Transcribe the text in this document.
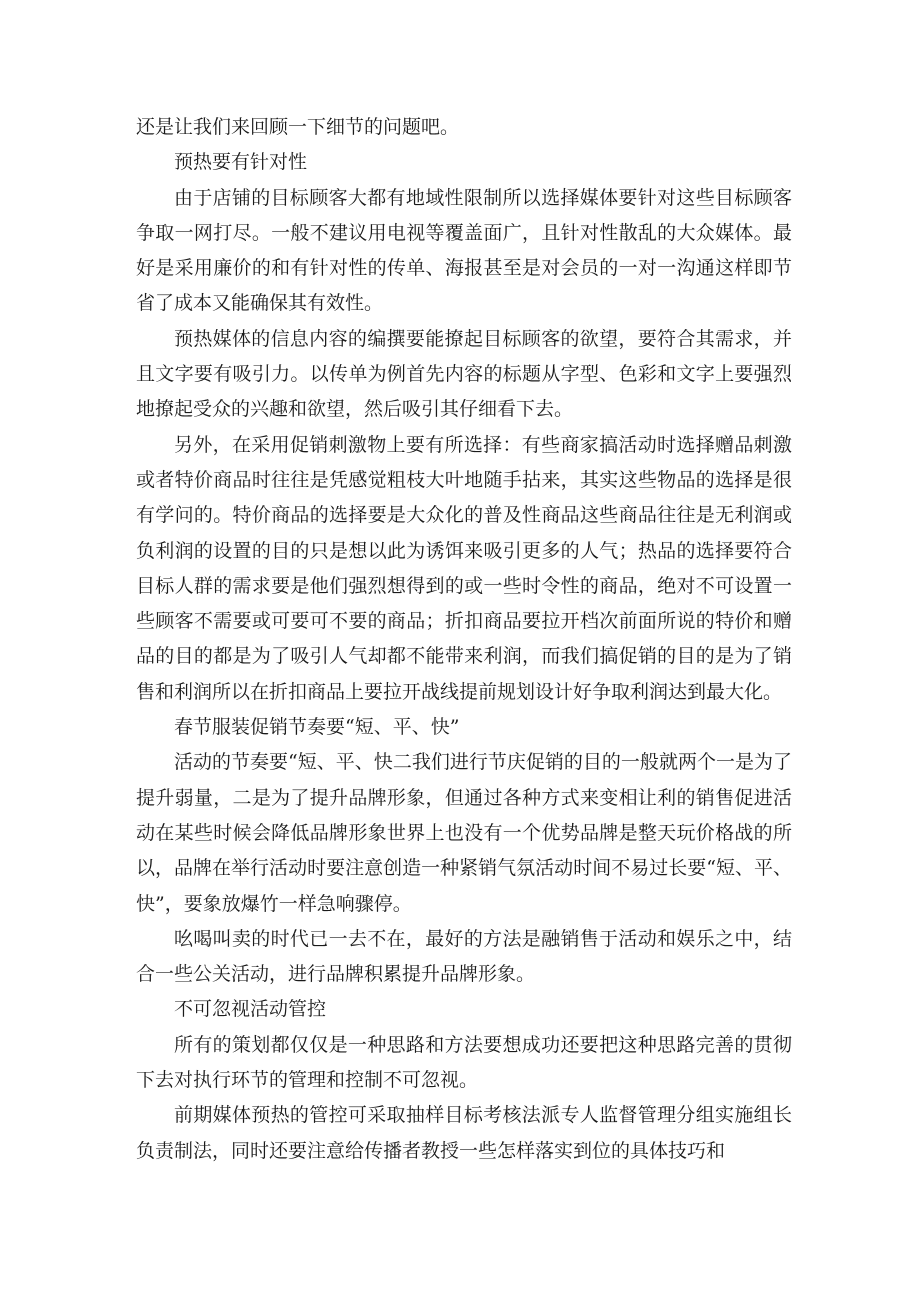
还是让我们来回顾一下细节的问题吧。

预热要有针对性

由于店铺的目标顾客大都有地域性限制所以选择媒体要针对这些目标顾客争取一网打尽。一般不建议用电视等覆盖面广，且针对性散乱的大众媒体。最好是采用廉价的和有针对性的传单、海报甚至是对会员的一对一沟通这样即节省了成本又能确保其有效性。

预热媒体的信息内容的编撰要能撩起目标顾客的欲望，要符合其需求，并且文字要有吸引力。以传单为例首先内容的标题从字型、色彩和文字上要强烈地撩起受众的兴趣和欲望，然后吸引其仔细看下去。

另外，在采用促销刺激物上要有所选择：有些商家搞活动时选择赠品刺激或者特价商品时往往是凭感觉粗枝大叶地随手拈来，其实这些物品的选择是很有学问的。特价商品的选择要是大众化的普及性商品这些商品往往是无利润或负利润的设置的目的只是想以此为诱饵来吸引更多的人气；热品的选择要符合目标人群的需求要是他们强烈想得到的或一些时令性的商品，绝对不可设置一些顾客不需要或可要可不要的商品；折扣商品要拉开档次前面所说的特价和赠品的目的都是为了吸引人气却都不能带来利润，而我们搞促销的目的是为了销售和利润所以在折扣商品上要拉开战线提前规划设计好争取利润达到最大化。

春节服装促销节奏要“短、平、快”

活动的节奏要“短、平、快二我们进行节庆促销的目的一般就两个一是为了提升弱量，二是为了提升品牌形象，但通过各种方式来变相让利的销售促进活动在某些时候会降低品牌形象世界上也没有一个优势品牌是整天玩价格战的所以，品牌在举行活动时要注意创造一种紧销气氛活动时间不易过长要“短、平、快”，要象放爆竹一样急响骤停。

吆喝叫卖的时代已一去不在，最好的方法是融销售于活动和娱乐之中，结合一些公关活动，进行品牌积累提升品牌形象。

不可忽视活动管控

所有的策划都仅仅是一种思路和方法要想成功还要把这种思路完善的贯彻下去对执行环节的管理和控制不可忽视。

前期媒体预热的管控可采取抽样目标考核法派专人监督管理分组实施组长负责制法，同时还要注意给传播者教授一些怎样落实到位的具体技巧和
